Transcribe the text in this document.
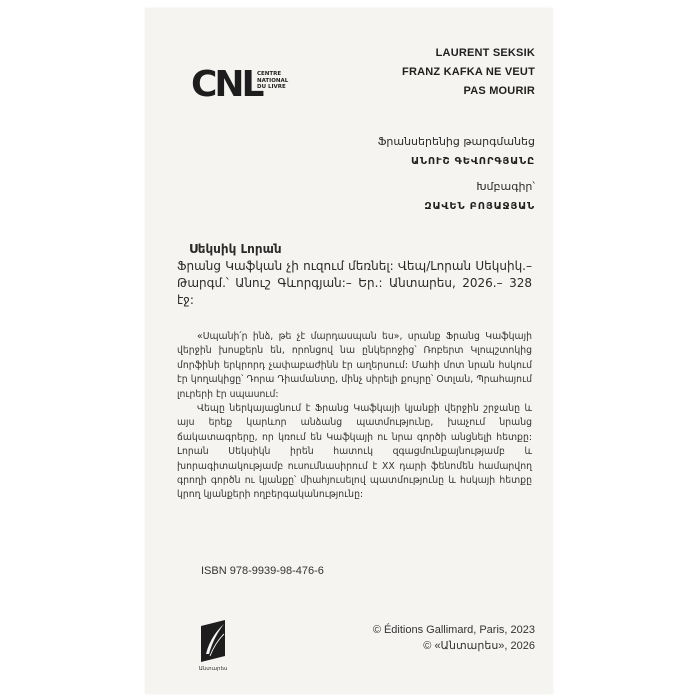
CNL
CENTRE
NATIONAL
DU LIVRE
LAURENT SEKSIK
FRANZ KAFKA NE VEUT
PAS MOURIR
Ֆրանսերենից թարգմանեց
ԱՆՈՒՇ ԳԵՎՈՐԳՅԱՆԸ
Խմբագիր՝
ԶԱՎԵՆ ԲՈՅԱՋՅԱՆ
Սեկսիկ Լորան
Ֆրանց Կաֆկան չի ուզում մեռնել: Վեպ/Լորան Սեկսիկ.– Թարգմ.՝ Անուշ Գևորգյան:– Եր.: Անտարես, 2026.– 328 էջ:

«Սպանի՛ր ինձ, թե չէ մարդասպան ես», սրանք Ֆրանց Կաֆկայի վերջին խոսքերն են, որոնցով նա ընկերոջից՝ Ռոբերտ Կլոպշտոկից մորֆինի երկրորդ չափաբաժինն էր աղերսում: Մահի մոտ նրան հսկում էր կողակիցը՝ Դորա Դիամանտը, մինչ սիրելի քույրը՝ Օտլան, Պրահայում լուրերի էր սպասում:

Վեպը ներկայացնում է Ֆրանց Կաֆկայի կյանքի վերջին շրջանը և այս երեք կարևոր անձանց պատմությունը, խաչում նրանց ճակատագրերը, որ կռում են Կաֆկայի ու նրա գործի անցնելի հետքը: Լորան Սեկսիկն իրեն հատուկ զգացմունքայնությամբ և խորագիտակությամբ ուսումնասիրում է XX դարի ֆենոմեն համարվող գրողի գործն ու կյանքը՝ միահյուսելով պատմությունը և հսկայի հետքը կրող կյանքերի ողբերգականությունը:

ISBN 978-9939-98-476-6
Անտարես
© Éditions Gallimard, Paris, 2023
© «Անտարես», 2026
